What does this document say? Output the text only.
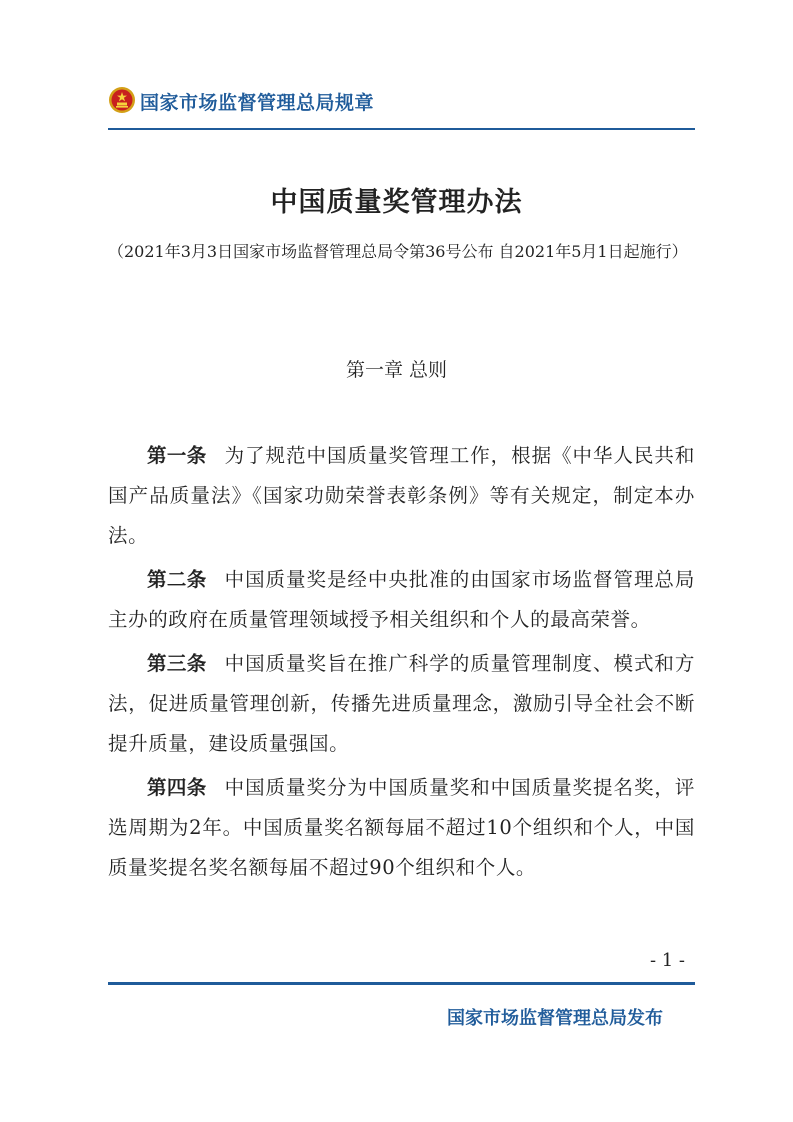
国家市场监督管理总局规章
中国质量奖管理办法
（2021年3月3日国家市场监督管理总局令第36号公布 自2021年5月1日起施行）
第一章 总则

第一条 为了规范中国质量奖管理工作，根据《中华人民共和国产品质量法》《国家功勋荣誉表彰条例》等有关规定，制定本办法。

第二条 中国质量奖是经中央批准的由国家市场监督管理总局主办的政府在质量管理领域授予相关组织和个人的最高荣誉。

第三条 中国质量奖旨在推广科学的质量管理制度、模式和方法，促进质量管理创新，传播先进质量理念，激励引导全社会不断提升质量，建设质量强国。

第四条 中国质量奖分为中国质量奖和中国质量奖提名奖，评选周期为2年。中国质量奖名额每届不超过10个组织和个人，中国质量奖提名奖名额每届不超过90个组织和个人。

- 1 -
国家市场监督管理总局发布
